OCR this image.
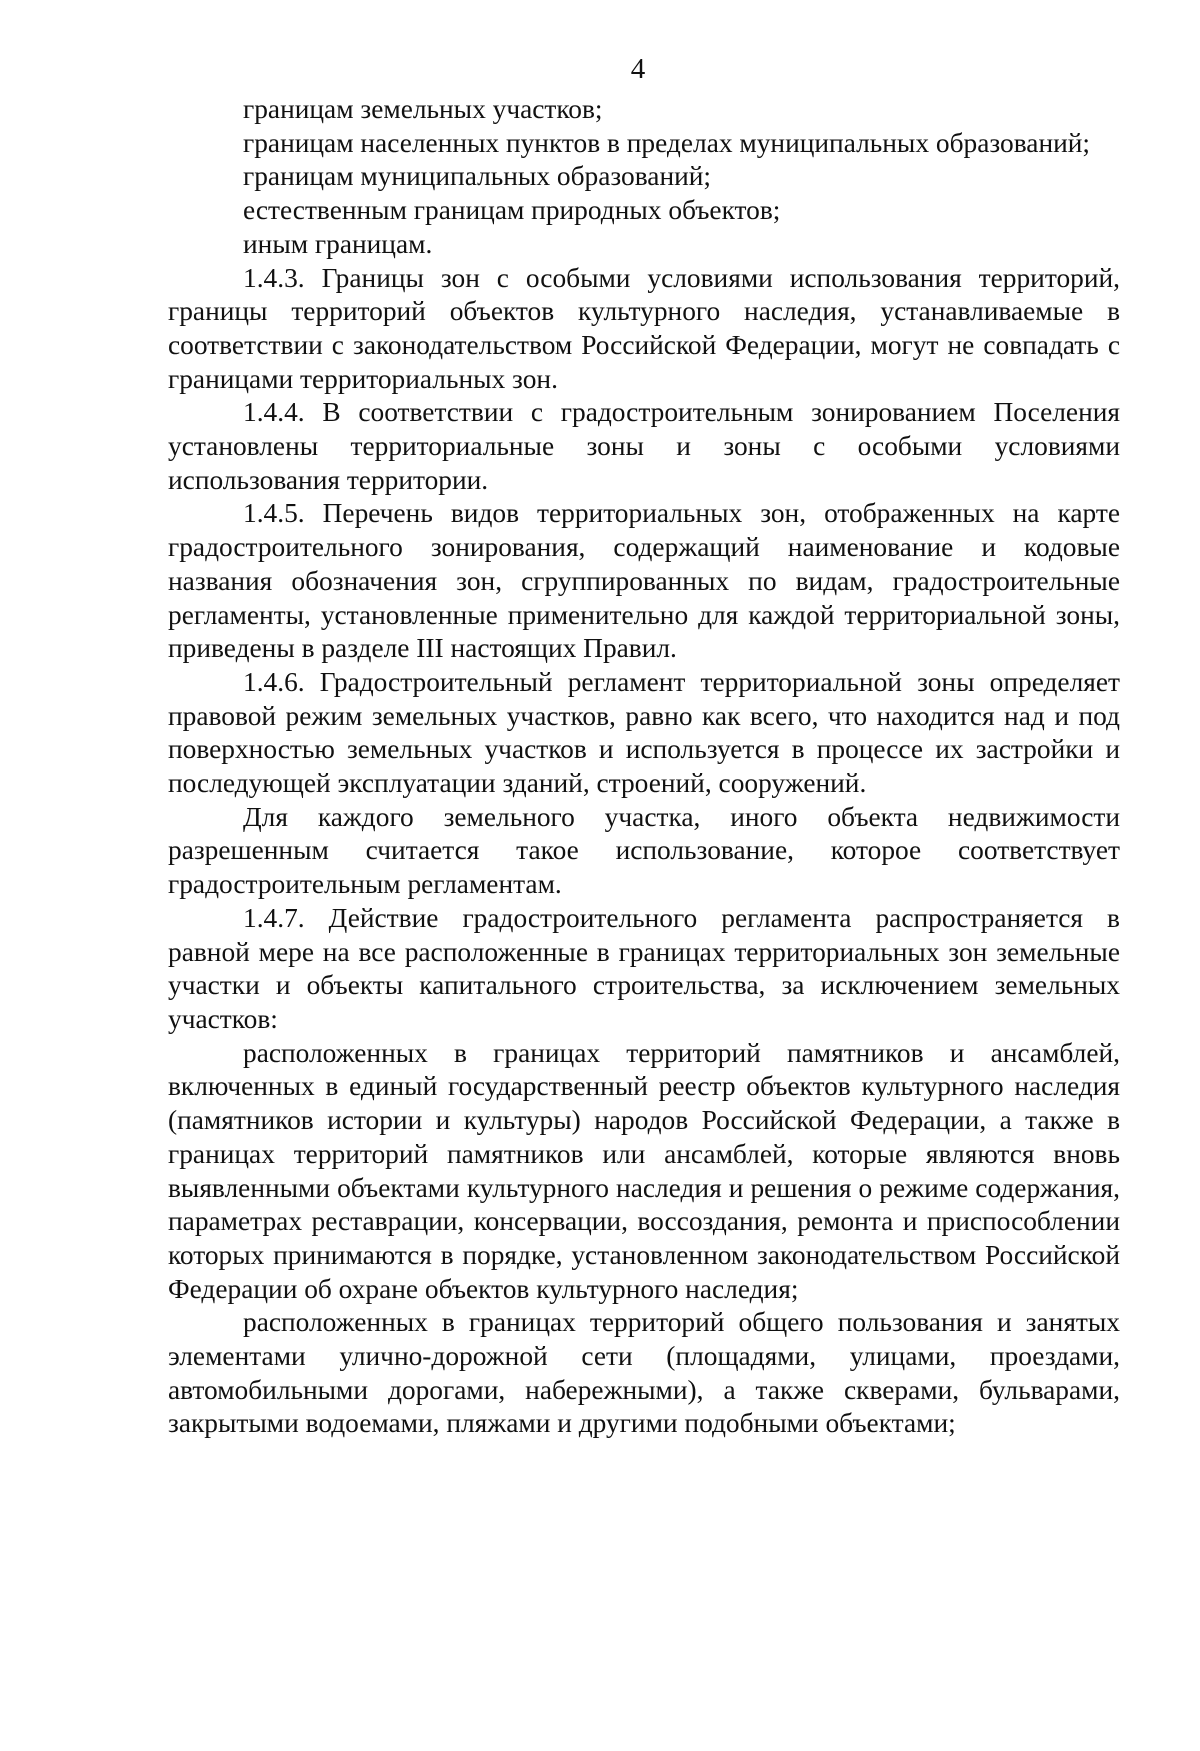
4

границам земельных участков;

границам населенных пунктов в пределах муниципальных образований;

границам муниципальных образований;

естественным границам природных объектов;

иным границам.

1.4.3. Границы зон с особыми условиями использования территорий, границы территорий объектов культурного наследия, устанавливаемые в соответствии с законодательством Российской Федерации, могут не совпадать с границами территориальных зон.

1.4.4. В соответствии с градостроительным зонированием Поселения установлены территориальные зоны и зоны с особыми условиями использования территории.

1.4.5. Перечень видов территориальных зон, отображенных на карте градостроительного зонирования, содержащий наименование и кодовые названия обозначения зон, сгруппированных по видам, градостроительные регламенты, установленные применительно для каждой территориальной зоны, приведены в разделе III настоящих Правил.

1.4.6. Градостроительный регламент территориальной зоны определяет правовой режим земельных участков, равно как всего, что находится над и под поверхностью земельных участков и используется в процессе их застройки и последующей эксплуатации зданий, строений, сооружений.

Для каждого земельного участка, иного объекта недвижимости разрешенным считается такое использование, которое соответствует градостроительным регламентам.

1.4.7. Действие градостроительного регламента распространяется в равной мере на все расположенные в границах территориальных зон земельные участки и объекты капитального строительства, за исключением земельных участков:

расположенных в границах территорий памятников и ансамблей, включенных в единый государственный реестр объектов культурного наследия (памятников истории и культуры) народов Российской Федерации, а также в границах территорий памятников или ансамблей, которые являются вновь выявленными объектами культурного наследия и решения о режиме содержания, параметрах реставрации, консервации, воссоздания, ремонта и приспособлении которых принимаются в порядке, установленном законодательством Российской Федерации об охране объектов культурного наследия;

расположенных в границах территорий общего пользования и занятых элементами улично-дорожной сети (площадями, улицами, проездами, автомобильными дорогами, набережными), а также скверами, бульварами, закрытыми водоемами, пляжами и другими подобными объектами;
